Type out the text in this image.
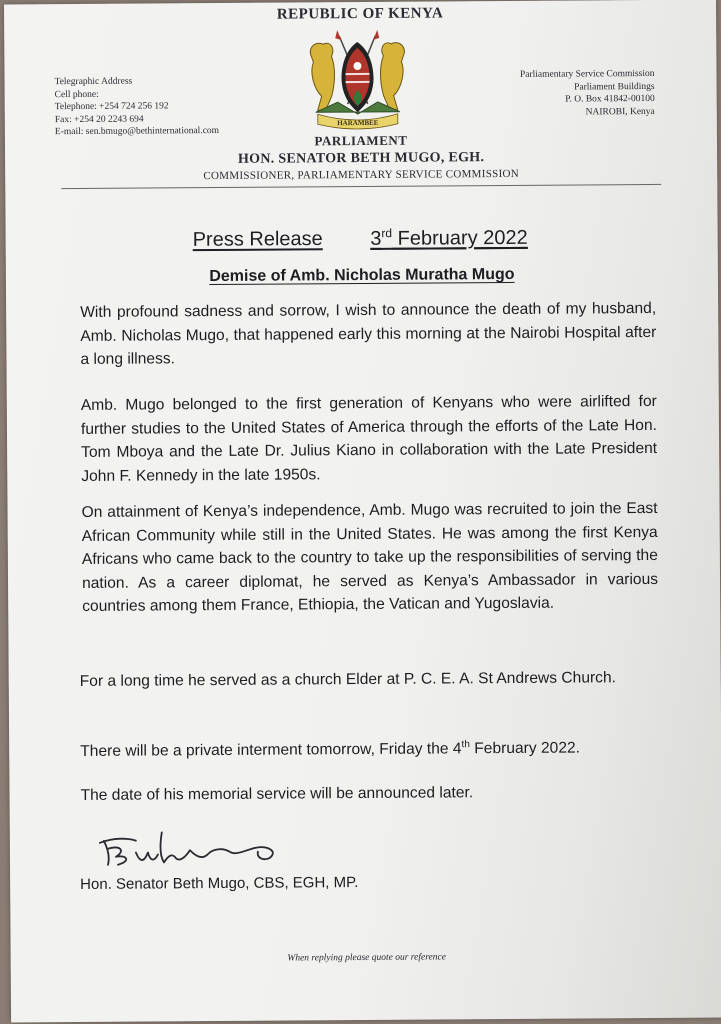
REPUBLIC OF KENYA
HARAMBEE
Telegraphic Address
Cell phone:
Telephone: +254 724 256 192
Fax: +254 20 2243 694
E-mail: sen.bmugo@bethinternational.com
Parliamentary Service Commission
Parliament Buildings
P. O. Box 41842-00100
NAIROBI, Kenya
PARLIAMENT
HON. SENATOR BETH MUGO, EGH.
COMMISSIONER, PARLIAMENTARY SERVICE COMMISSION
Press Release 3rd February 2022
Demise of Amb. Nicholas Muratha Mugo

With profound sadness and sorrow, I wish to announce the death of my husband, Amb. Nicholas Mugo, that happened early this morning at the Nairobi Hospital after a long illness.

Amb. Mugo belonged to the first generation of Kenyans who were airlifted for further studies to the United States of America through the efforts of the Late Hon. Tom Mboya and the Late Dr. Julius Kiano in collaboration with the Late President John F. Kennedy in the late 1950s.

On attainment of Kenya’s independence, Amb. Mugo was recruited to join the East African Community while still in the United States. He was among the first Kenya Africans who came back to the country to take up the responsibilities of serving the nation. As a career diplomat, he served as Kenya’s Ambassador in various countries among them France, Ethiopia, the Vatican and Yugoslavia.

For a long time he served as a church Elder at P. C. E. A. St Andrews Church.

There will be a private interment tomorrow, Friday the 4th February 2022.

The date of his memorial service will be announced later.

Hon. Senator Beth Mugo, CBS, EGH, MP.
When replying please quote our reference
